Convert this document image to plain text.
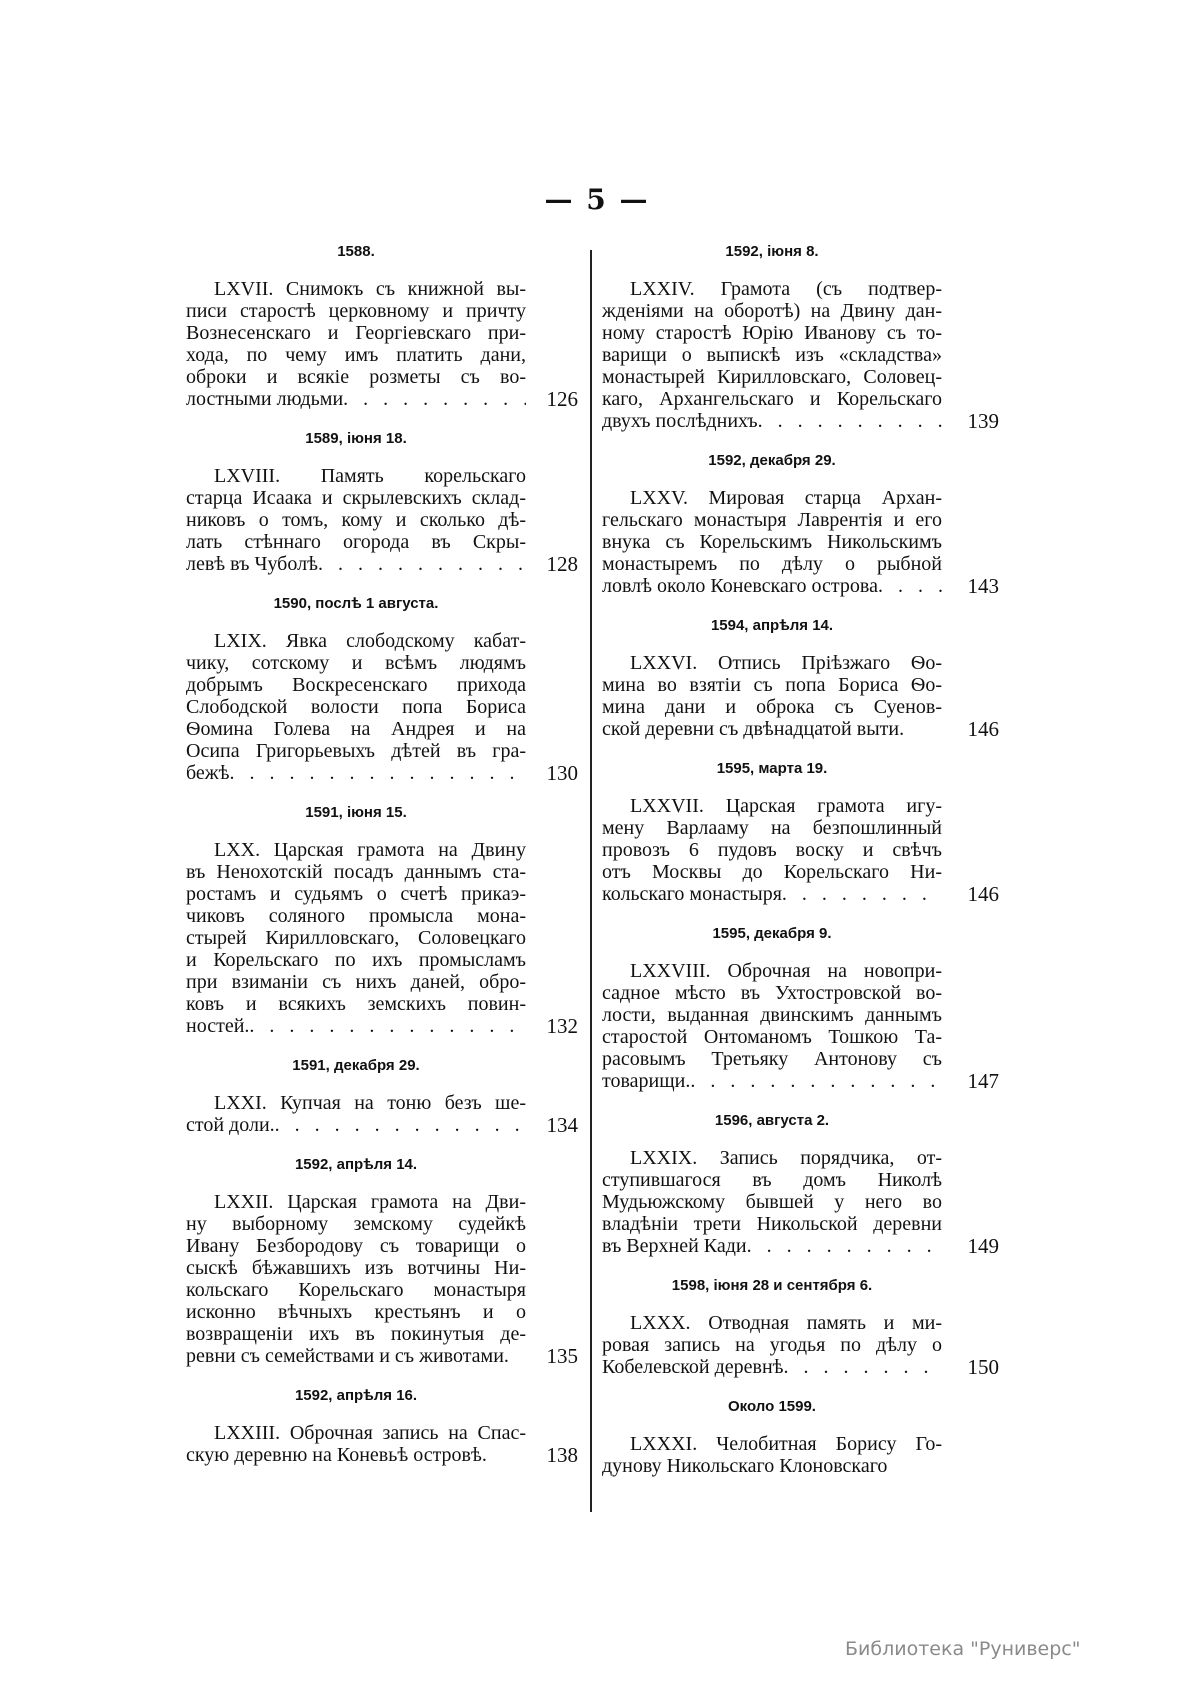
— 5 —
1588.
LXVII. Снимокъ съ книжной вы-
писи старостѣ церковному и причту
Вознесенскаго и Георгіевскаго при-
хода, по чему имъ платить дани,
оброки и всякіе розметы съ во-
лостными людьми .....	126
1589, іюня 18.
LXVIII. Память корельскаго
старца Исаака и скрылевскихъ склад-
никовъ о томъ, кому и сколько дѣ-
лать стѣннаго огорода въ Скры-
левѣ въ Чуболѣ .....	128
1590, послѣ 1 августа.
LXIX. Явка слободскому кабат-
чику, сотскому и всѣмъ людямъ
добрымъ Воскресенскаго прихода
Слободской волости попа Бориса
Ѳомина Голева на Андрея и на
Осипа Григорьевыхъ дѣтей въ гра-
бежѣ .....	130
1591, іюня 15.
LXX. Царская грамота на Двину
въ Ненохотскій посадъ даннымъ ста-
ростамъ и судьямъ о счетѣ прикаэ-
чиковъ соляного промысла мона-
стырей Кирилловскаго, Соловецкаго
и Корельскаго по ихъ промысламъ
при взиманіи съ нихъ даней, обро-
ковъ и всякихъ земскихъ повин-
ностей. .....	132
1591, декабря 29.
LXXI. Купчая на тоню безъ ше-
стой доли. .....	134
1592, апрѣля 14.
LXXII. Царская грамота на Дви-
ну выборному земскому судейкѣ
Ивану Безбородову съ товарищи о
сыскѣ бѣжавшихъ изъ вотчины Ни-
кольскаго Корельскаго монастыря
исконно вѣчныхъ крестьянъ и о
возвращеніи ихъ въ покинутыя де-
ревни съ семействами и съ животами. 135
1592, апрѣля 16.
LXXIII. Оброчная запись на Спас-
скую деревню на Коневьѣ островѣ.	138
1592, іюня 8.
LXXIV. Грамота (съ подтвер-
жденіями на оборотѣ) на Двину дан-
ному старостѣ Юрію Иванову съ то-
варищи о выпискѣ изъ «складства»
монастырей Кирилловскаго, Соловец-
каго, Архангельскаго и Корельскаго
двухъ послѣднихъ .....	139
1592, декабря 29.
LXXV. Мировая старца Архан-
гельскаго монастыря Лаврентія и его
внука съ Корельскимъ Никольскимъ
монастыремъ по дѣлу о рыбной
ловлѣ около Коневскаго острова .....	143
1594, апрѣля 14.
LXXVI. Отпись Пріѣзжаго Ѳо-
мина во взятіи съ попа Бориса Ѳо-
мина дани и оброка съ Суенов-
ской деревни съ двѣнадцатой выти.	146
1595, марта 19.
LXXVII. Царская грамота игу-
мену Варлааму на безпошлинный
провозъ 6 пудовъ воску и свѣчъ
отъ Москвы до Корельскаго Ни-
кольскаго монастыря .....	146
1595, декабря 9.
LXXVIII. Оброчная на новопри-
садное мѣсто въ Ухтостровской во-
лости, выданная двинскимъ даннымъ
старостой Онтоманомъ Тошкою Та-
расовымъ Третьяку Антонову съ
товарищи. .....	147
1596, августа 2.
LXXIX. Запись порядчика, от-
ступившагося въ домъ Николѣ
Мудьюжскому бывшей у него во
владѣніи трети Никольской деревни
въ Верхней Кади .....	149
1598, іюня 28 и сентября 6.
LXXX. Отводная память и ми-
ровая запись на угодья по дѣлу о
Кобелевской деревнѣ .....	150
Около 1599.
LXXXI. Челобитная Борису Го-
дунову Никольскаго Клоновскаго
Библиотека "Руниверс"
